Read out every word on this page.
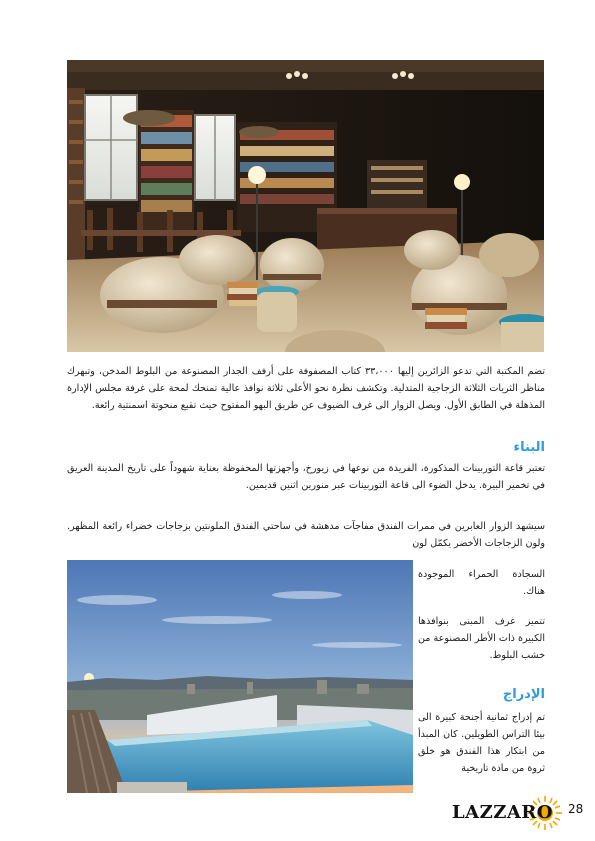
تضم المكتبة التي تدعو الزائرين إليها ٣٣،٠٠٠ كتاب المصفوفة على أرفف الجدار المصنوعة من البلوط المدخن، وتبهرك مناظر الثريات الثلاثة الزجاجية المتدلية. وتكشف نظرة نحو الأعلى ثلاثة نوافذ عالية تمنحك لمحة على غرفة مجلس الإدارة المذهلة في الطابق الأول. ويصل الزوار الى غرف الضيوف عن طريق البهو المفتوح حيث تقبع منحوتة اسمنتية رائعة.
البناء
تعتبر قاعة التوربينات المذكورة، الفريدة من نوعها في زيورخ، وأجهزتها المحفوظة بعناية شهوداً على تاريخ المدينة العريق في تخمير البيرة. يدخل الضوء الى قاعة التوربينات عبر منورين اثنين قديمين.
سيشهد الزوار العابرين في ممرات الفندق مفاجآت مدهشة في ساحتي الفندق الملونتين بزجاجات خضراء رائعة المظهر. ولون الزجاجات الأخضر يكمّل لون
السجادة الحمراء الموجودة هناك.
تتميز غرف المبنى بنوافذها الكبيرة ذات الأطر المصنوعة من خشب البلوط.
الإدراج
تم إدراج ثمانية أجنحة كبيرة الى بيئا التراس الطويلين. كان المبدأ من ابتكار هذا الفندق هو خلق ثروة من مادة تاريخية
LAZZARO 28
